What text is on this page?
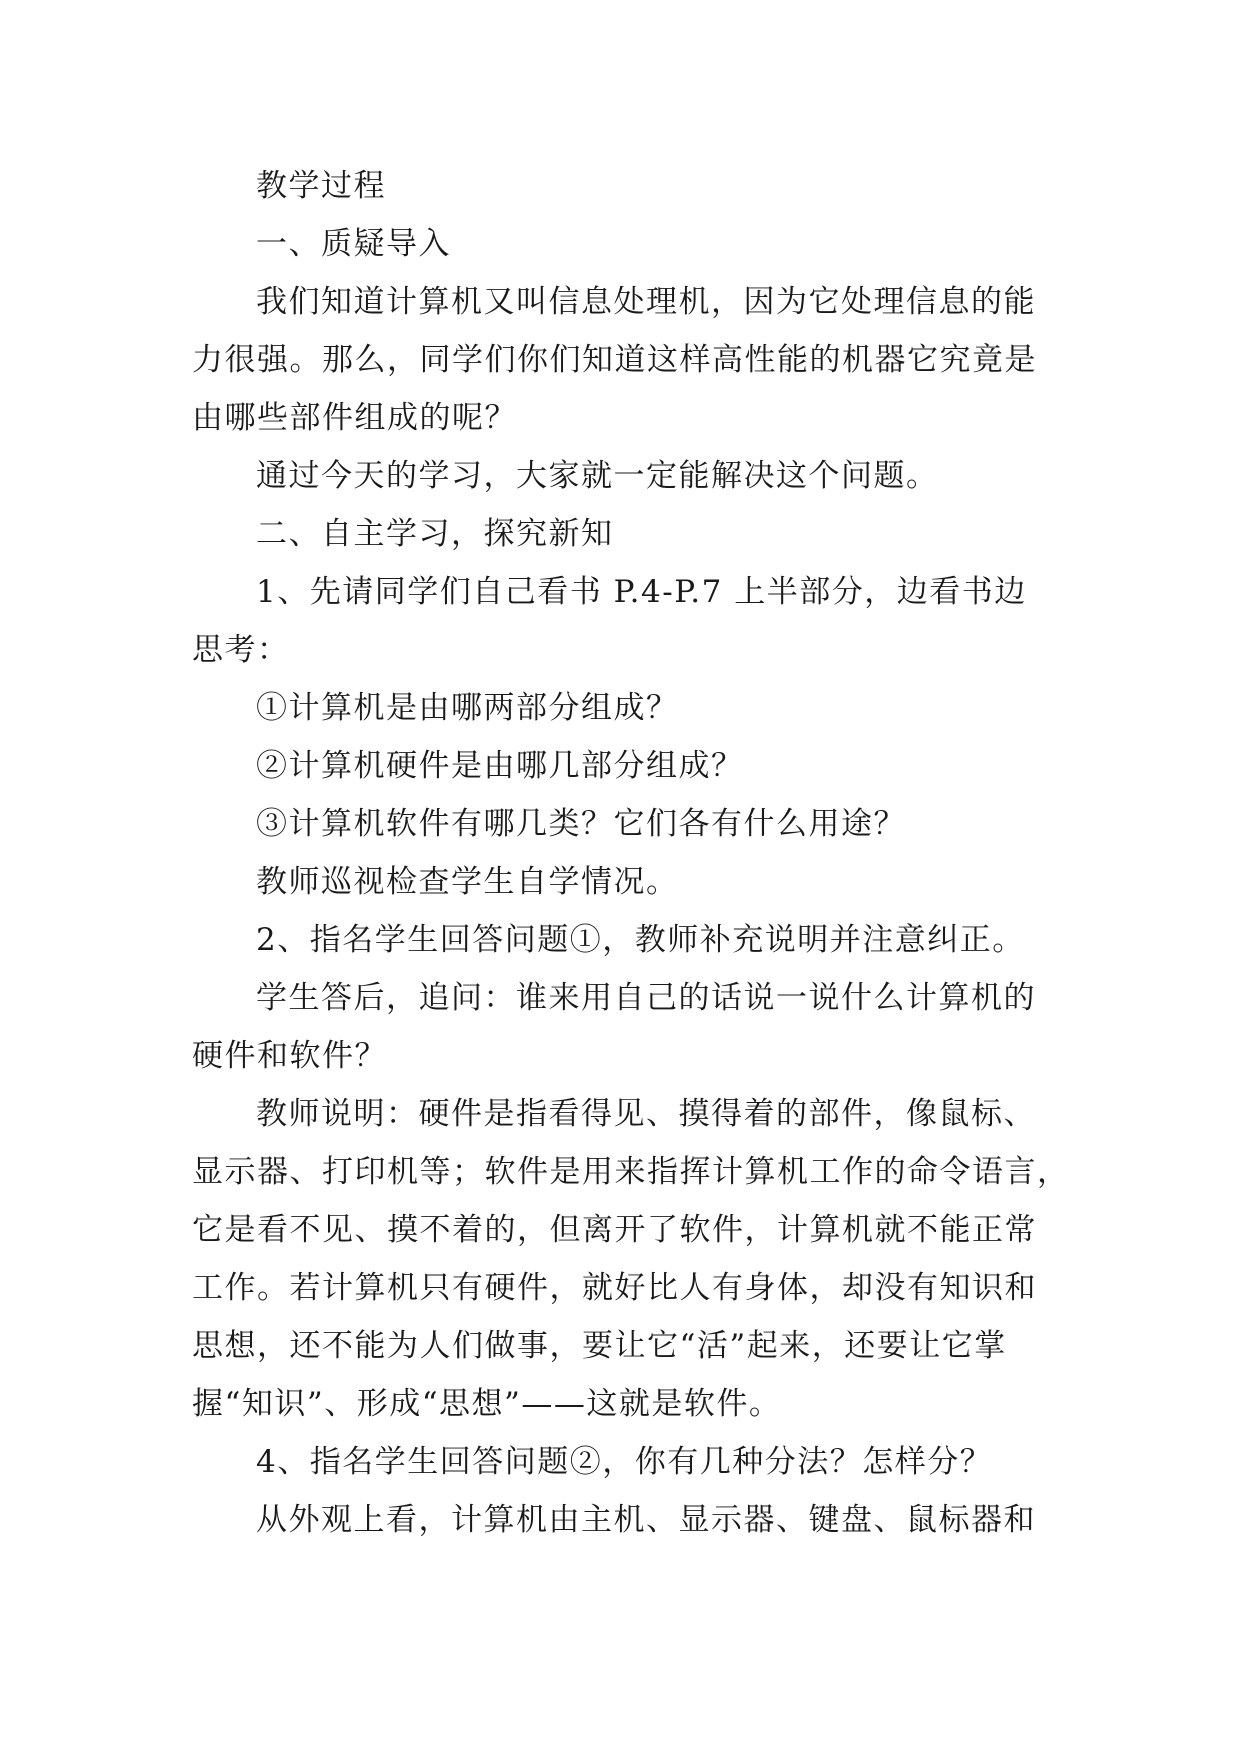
教学过程
一、质疑导入
我们知道计算机又叫信息处理机，因为它处理信息的能
力很强。那么，同学们你们知道这样高性能的机器它究竟是
由哪些部件组成的呢？
通过今天的学习，大家就一定能解决这个问题。
二、自主学习，探究新知
1、先请同学们自己看书 P.4-P.7 上半部分，边看书边
思考：
①计算机是由哪两部分组成？
②计算机硬件是由哪几部分组成？
③计算机软件有哪几类？它们各有什么用途？
教师巡视检查学生自学情况。
2、指名学生回答问题①，教师补充说明并注意纠正。
学生答后，追问：谁来用自己的话说一说什么计算机的
硬件和软件？
教师说明：硬件是指看得见、摸得着的部件，像鼠标、
显示器、打印机等；软件是用来指挥计算机工作的命令语言，
它是看不见、摸不着的，但离开了软件，计算机就不能正常
工作。若计算机只有硬件，就好比人有身体，却没有知识和
思想，还不能为人们做事，要让它“活”起来，还要让它掌
握“知识”、形成“思想”——这就是软件。
4、指名学生回答问题②，你有几种分法？怎样分？
从外观上看，计算机由主机、显示器、键盘、鼠标器和
